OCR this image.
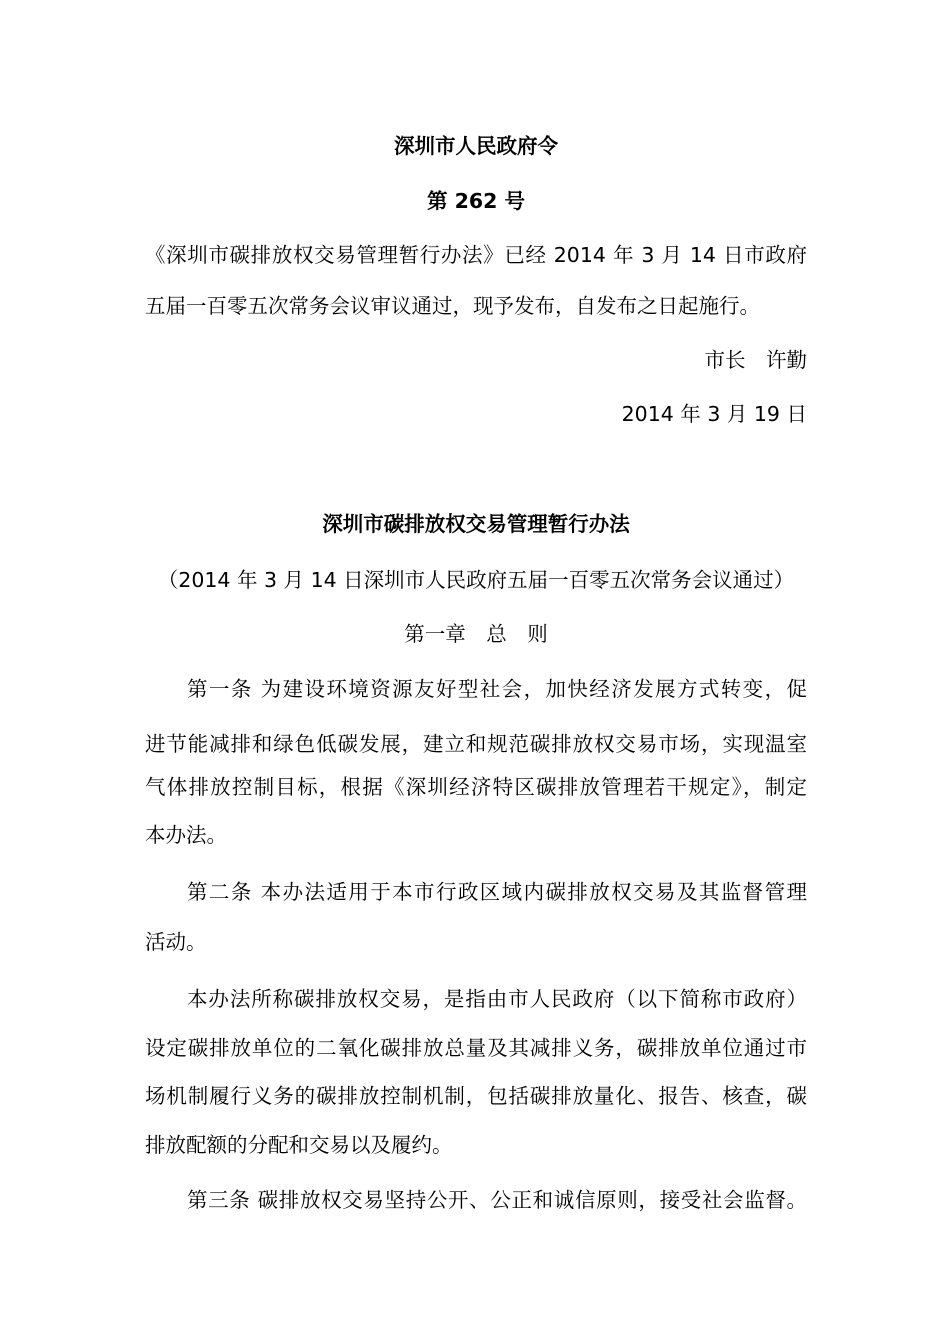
深圳市人民政府令
第 262 号
《深圳市碳排放权交易管理暂行办法》已经 2014 年 3 月 14 日市政府
五届一百零五次常务会议审议通过，现予发布，自发布之日起施行。
市长　许勤
2014 年 3 月 19 日
深圳市碳排放权交易管理暂行办法
（2014 年 3 月 14 日深圳市人民政府五届一百零五次常务会议通过）
第一章　总　则
第一条 为建设环境资源友好型社会，加快经济发展方式转变，促
进节能减排和绿色低碳发展，建立和规范碳排放权交易市场，实现温室
气体排放控制目标，根据《深圳经济特区碳排放管理若干规定》，制定
本办法。
第二条 本办法适用于本市行政区域内碳排放权交易及其监督管理
活动。
本办法所称碳排放权交易，是指由市人民政府（以下简称市政府）
设定碳排放单位的二氧化碳排放总量及其减排义务，碳排放单位通过市
场机制履行义务的碳排放控制机制，包括碳排放量化、报告、核查，碳
排放配额的分配和交易以及履约。
第三条 碳排放权交易坚持公开、公正和诚信原则，接受社会监督。
